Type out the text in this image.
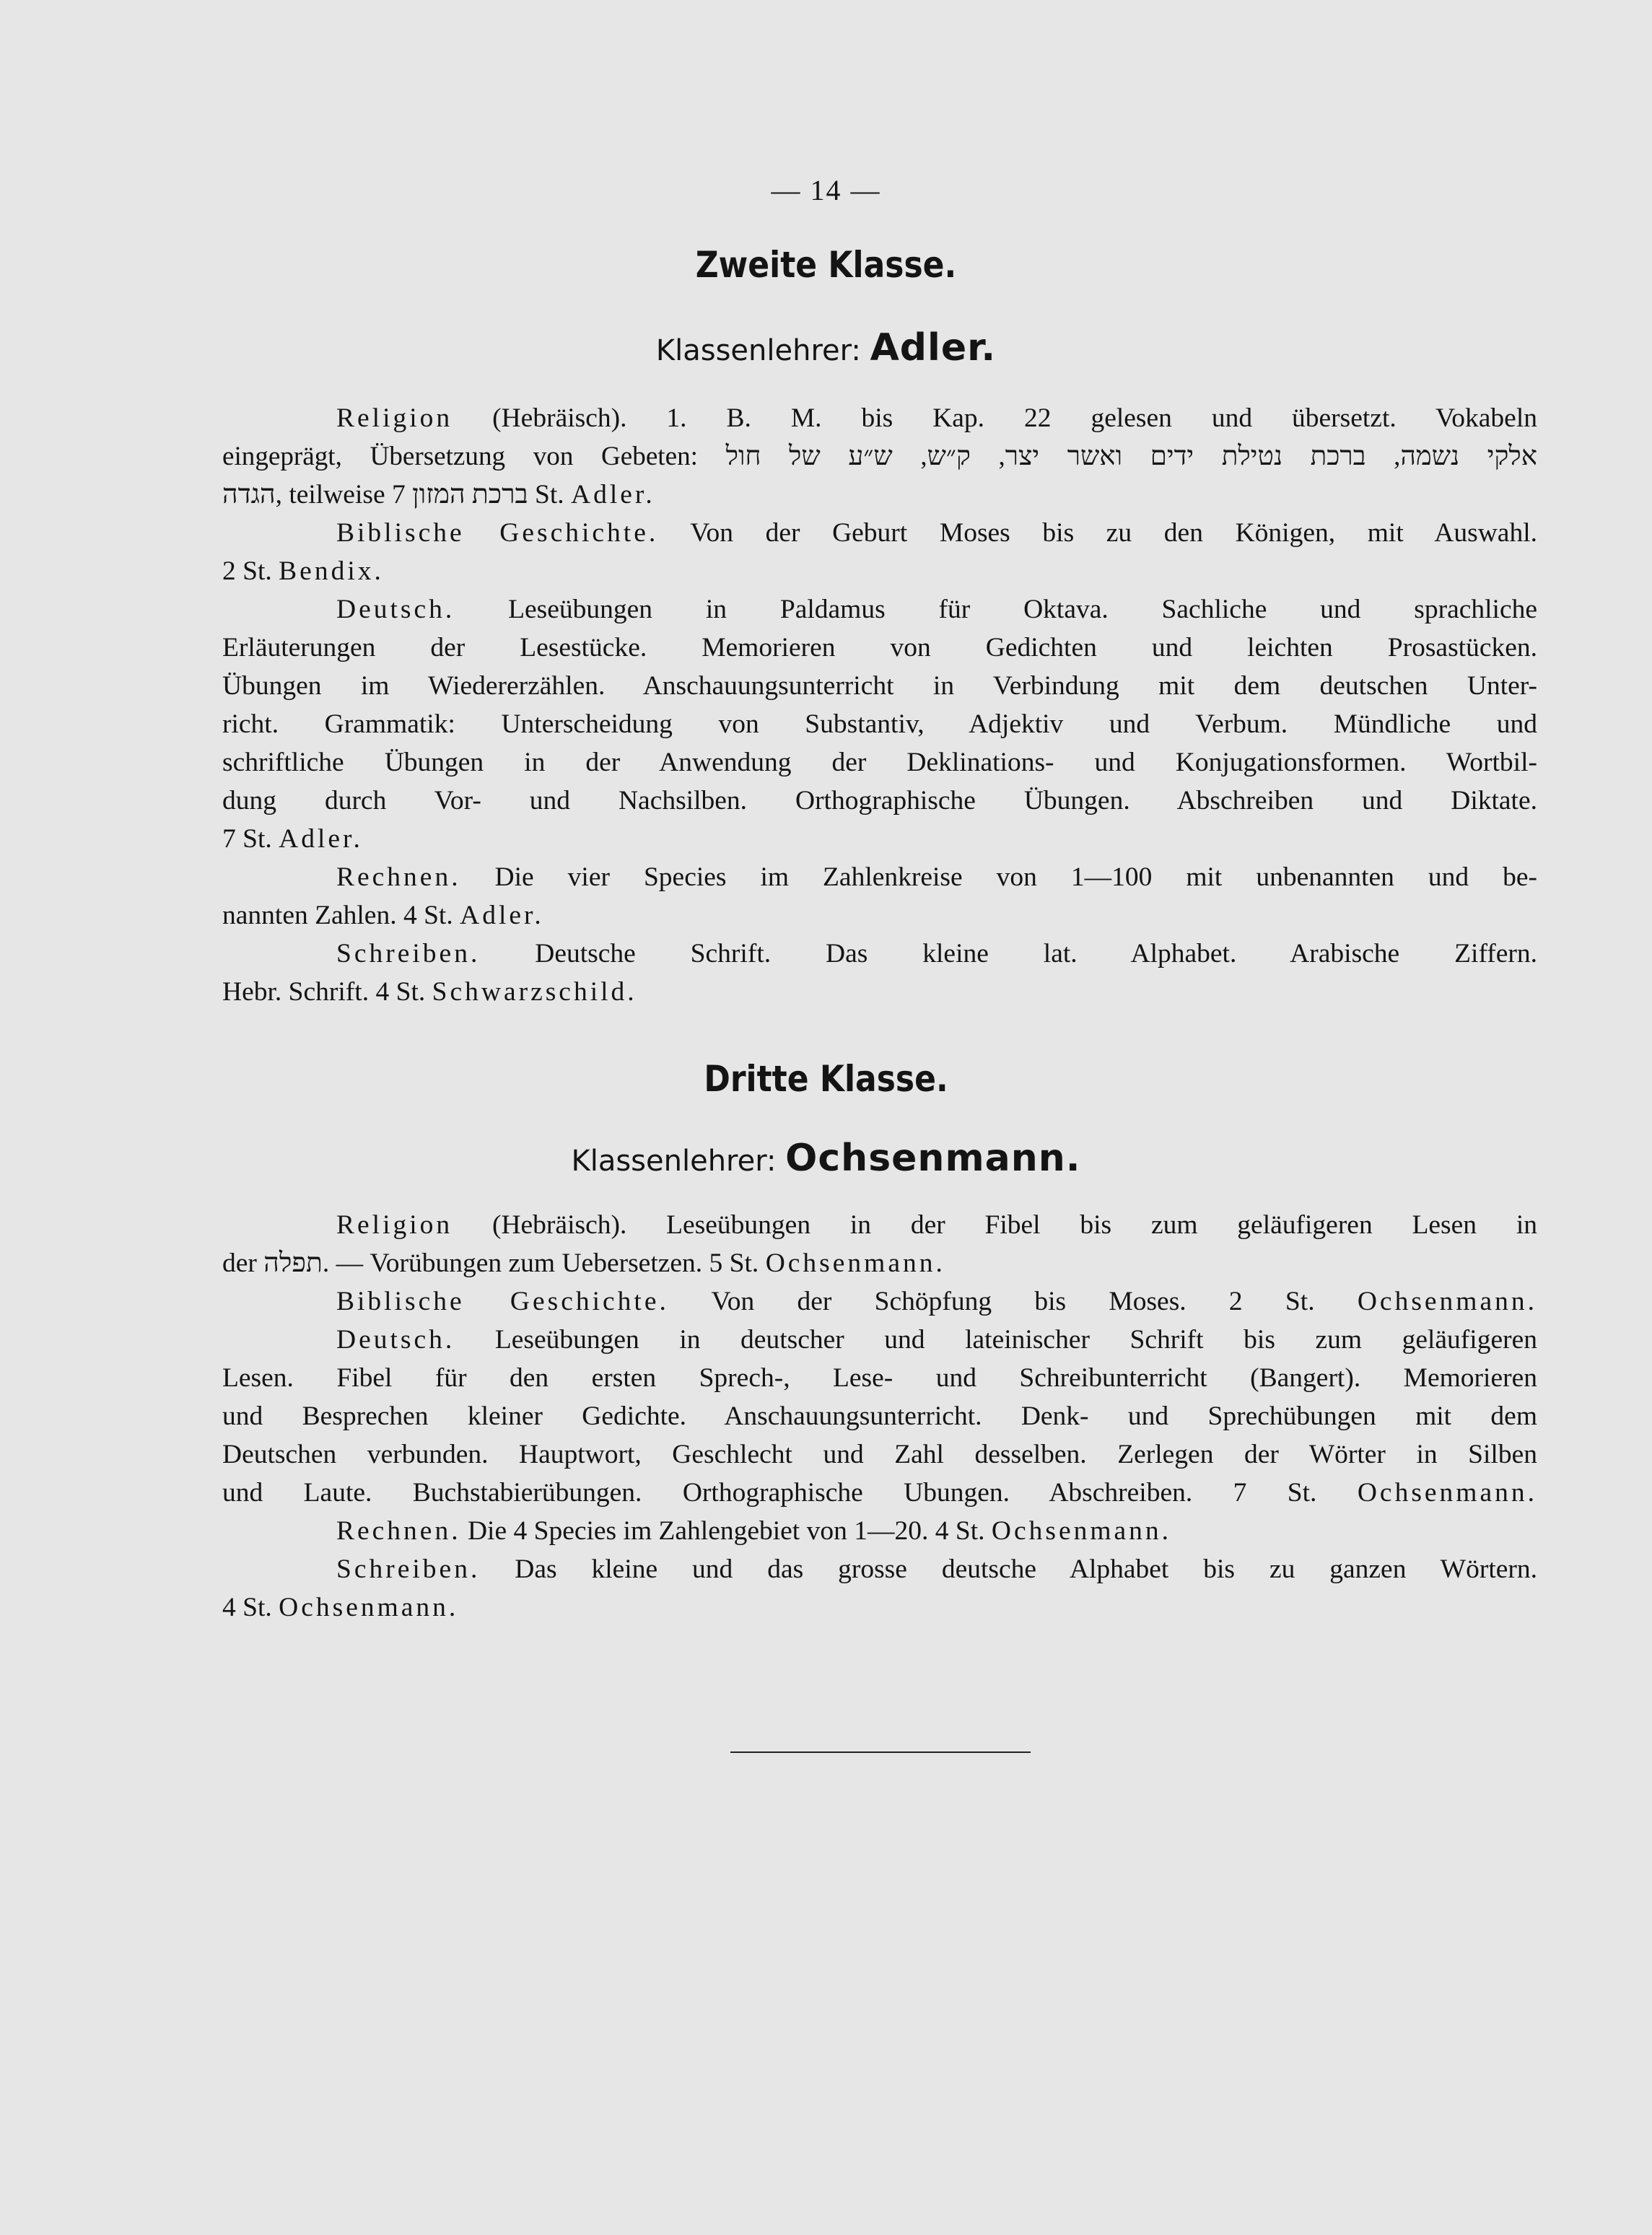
— 14 —
Zweite Klasse.
Klassenlehrer: Adler.
Religion (Hebräisch). 1. B. M. bis Kap. 22 gelesen und übersetzt. Vokabeln
eingeprägt, Übersetzung von Gebeten: אלקי נשמה, ברכת נטילת ידים ואשר יצר, ק״ש, ש״ע של חול
הגדה, teilweise ברכת המזון 7 St. Adler.
Biblische Geschichte. Von der Geburt Moses bis zu den Königen, mit Auswahl.
2 St. Bendix.
Deutsch. Leseübungen in Paldamus für Oktava. Sachliche und sprachliche
Erläuterungen der Lesestücke. Memorieren von Gedichten und leichten Prosastücken.
Übungen im Wiedererzählen. Anschauungsunterricht in Verbindung mit dem deutschen Unter-
richt. Grammatik: Unterscheidung von Substantiv, Adjektiv und Verbum. Mündliche und
schriftliche Übungen in der Anwendung der Deklinations- und Konjugationsformen. Wortbil-
dung durch Vor- und Nachsilben. Orthographische Übungen. Abschreiben und Diktate.
7 St. Adler.
Rechnen. Die vier Species im Zahlenkreise von 1—100 mit unbenannten und be-
nannten Zahlen. 4 St. Adler.
Schreiben. Deutsche Schrift. Das kleine lat. Alphabet. Arabische Ziffern.
Hebr. Schrift. 4 St. Schwarzschild.
Dritte Klasse.
Klassenlehrer: Ochsenmann.
Religion (Hebräisch). Leseübungen in der Fibel bis zum geläufigeren Lesen in
der תפלה. — Vorübungen zum Uebersetzen. 5 St. Ochsenmann.
Biblische Geschichte. Von der Schöpfung bis Moses. 2 St. Ochsenmann.
Deutsch. Leseübungen in deutscher und lateinischer Schrift bis zum geläufigeren
Lesen. Fibel für den ersten Sprech-, Lese- und Schreibunterricht (Bangert). Memorieren
und Besprechen kleiner Gedichte. Anschauungsunterricht. Denk- und Sprechübungen mit dem
Deutschen verbunden. Hauptwort, Geschlecht und Zahl desselben. Zerlegen der Wörter in Silben
und Laute. Buchstabierübungen. Orthographische Ubungen. Abschreiben. 7 St. Ochsenmann.
Rechnen. Die 4 Species im Zahlengebiet von 1—20. 4 St. Ochsenmann.
Schreiben. Das kleine und das grosse deutsche Alphabet bis zu ganzen Wörtern.
4 St. Ochsenmann.
